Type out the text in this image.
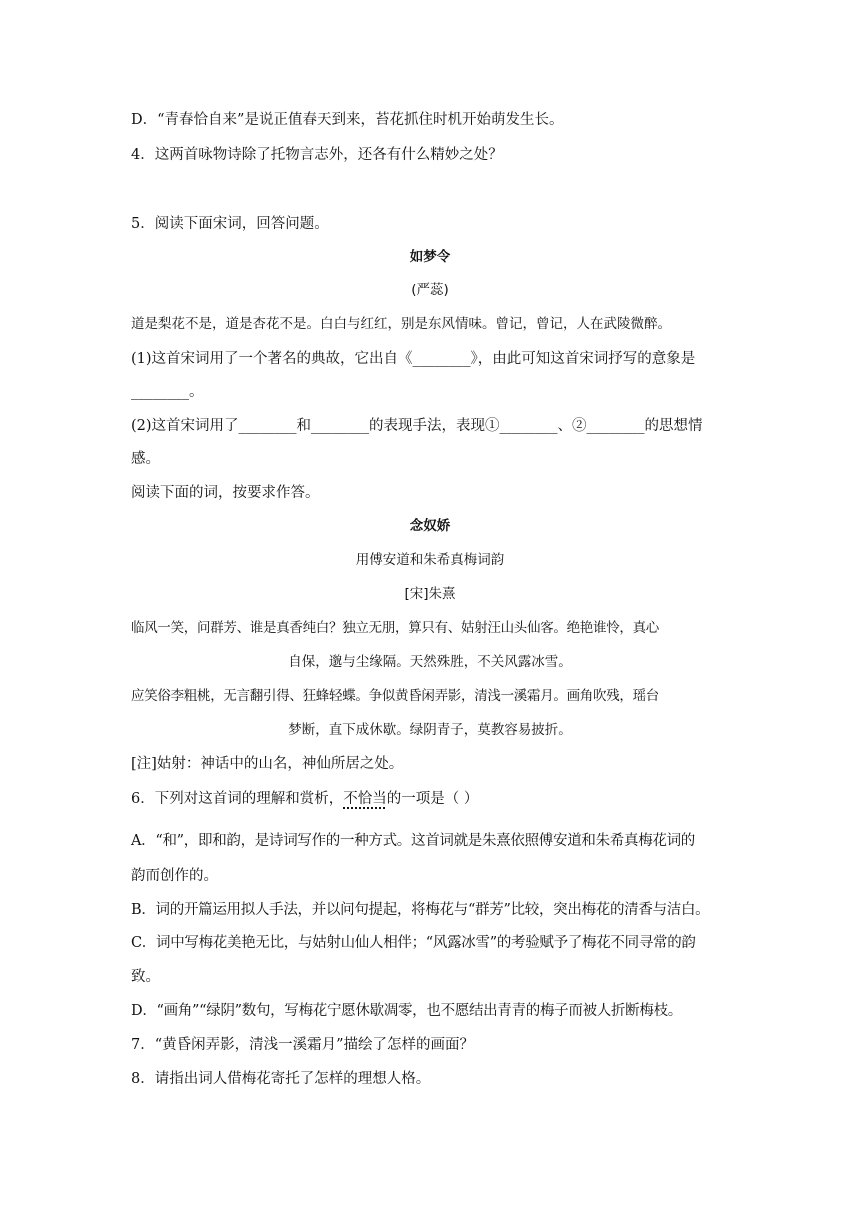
D．“青春恰自来”是说正值春天到来，苔花抓住时机开始萌发生长。
4．这两首咏物诗除了托物言志外，还各有什么精妙之处？
5．阅读下面宋词，回答问题。
如梦令
(严蕊)
道是梨花不是，道是杏花不是。白白与红红，别是东风情味。曾记，曾记，人在武陵微醉。
(1)这首宋词用了一个著名的典故，它出自《________》，由此可知这首宋词抒写的意象是
________。
(2)这首宋词用了________和________的表现手法，表现①________、②________的思想情
感。
阅读下面的词，按要求作答。
念奴娇
用傅安道和朱希真梅词韵
[宋]朱熹
临风一笑，问群芳、谁是真香纯白？独立无朋，算只有、姑射汪山头仙客。绝艳谁怜，真心
自保，邈与尘缘隔。天然殊胜，不关风露冰雪。
应笑俗李粗桃，无言翻引得、狂蜂轻蝶。争似黄昏闲弄影，清浅一溪霜月。画角吹残，瑶台
梦断，直下成休歇。绿阴青子，莫教容易披折。
[注]姑射：神话中的山名，神仙所居之处。
6．下列对这首词的理解和赏析，不恰当的一项是（ ）
A．“和”，即和韵，是诗词写作的一种方式。这首词就是朱熹依照傅安道和朱希真梅花词的
韵而创作的。
B．词的开篇运用拟人手法，并以问句提起，将梅花与“群芳”比较，突出梅花的清香与洁白。
C．词中写梅花美艳无比，与姑射山仙人相伴；“风露冰雪”的考验赋予了梅花不同寻常的韵
致。
D．“画角”“绿阴”数句，写梅花宁愿休歇凋零，也不愿结出青青的梅子而被人折断梅枝。
7．“黄昏闲弄影，清浅一溪霜月”描绘了怎样的画面？
8．请指出词人借梅花寄托了怎样的理想人格。
